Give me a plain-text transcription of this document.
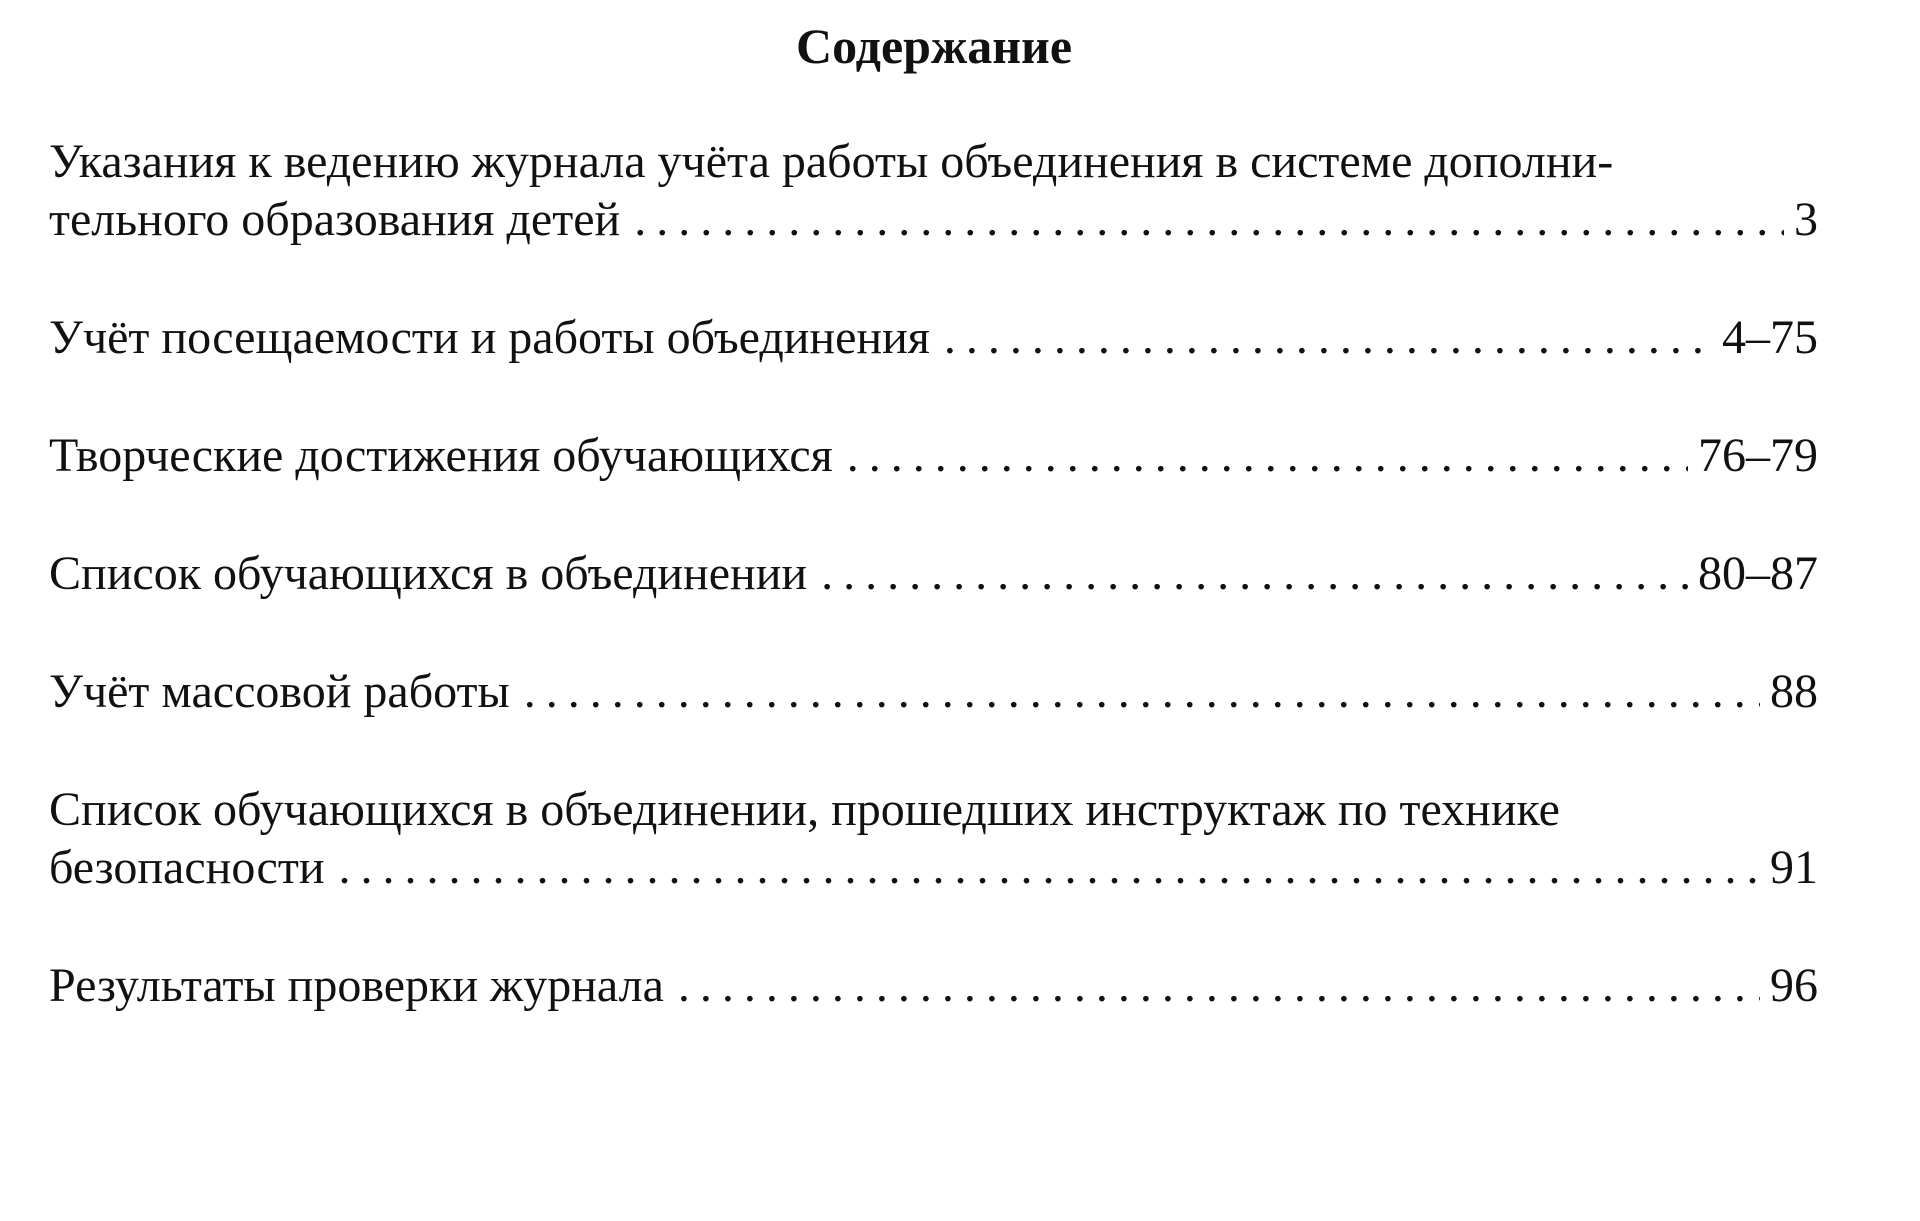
Содержание
Указания к ведению журнала учёта работы объединения в системе дополни-
тельного образования детей . . .	3
Учёт посещаемости и работы объединения . . .	4–75
Творческие достижения обучающихся . . .	76–79
Список обучающихся в объединении . . .	80–87
Учёт массовой работы . . .	88
Список обучающихся в объединении, прошедших инструктаж по технике
безопасности . . .	91
Результаты проверки журнала . . .	96
